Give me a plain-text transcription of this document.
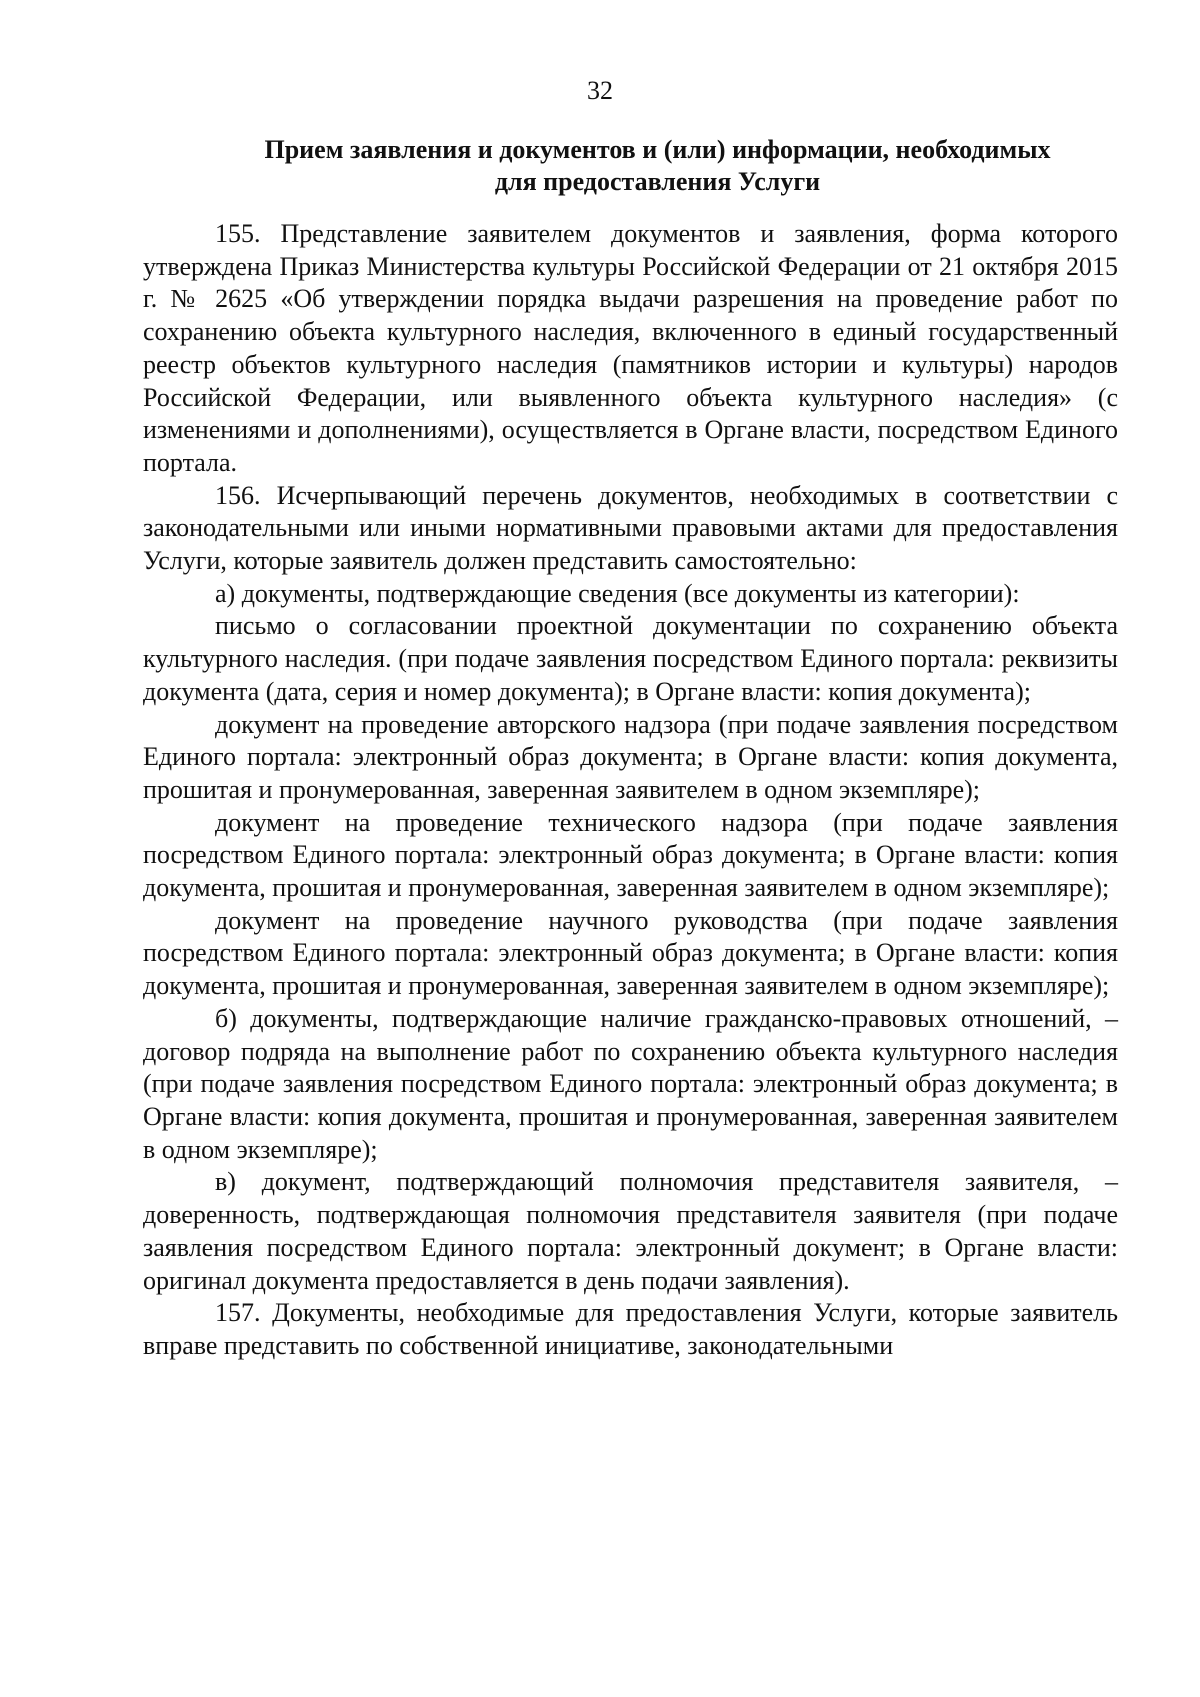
32
Прием заявления и документов и (или) информации, необходимых
для предоставления Услуги

155. Представление заявителем документов и заявления, форма которого утверждена Приказ Министерства культуры Российской Федерации от 21 октября 2015 г. № 2625 «Об утверждении порядка выдачи разрешения на проведение работ по сохранению объекта культурного наследия, включенного в единый государственный реестр объектов культурного наследия (памятников истории и культуры) народов Российской Федерации, или выявленного объекта культурного наследия» (с изменениями и дополнениями), осуществляется в Органе власти, посредством Единого портала.

156. Исчерпывающий перечень документов, необходимых в соответствии с законодательными или иными нормативными правовыми актами для предоставления Услуги, которые заявитель должен представить самостоятельно:

а) документы, подтверждающие сведения (все документы из категории):

письмо о согласовании проектной документации по сохранению объекта культурного наследия. (при подаче заявления посредством Единого портала: реквизиты документа (дата, серия и номер документа); в Органе власти: копия документа);

документ на проведение авторского надзора (при подаче заявления посредством Единого портала: электронный образ документа; в Органе власти: копия документа, прошитая и пронумерованная, заверенная заявителем в одном экземпляре);

документ на проведение технического надзора (при подаче заявления посредством Единого портала: электронный образ документа; в Органе власти: копия документа, прошитая и пронумерованная, заверенная заявителем в одном экземпляре);

документ на проведение научного руководства (при подаче заявления посредством Единого портала: электронный образ документа; в Органе власти: копия документа, прошитая и пронумерованная, заверенная заявителем в одном экземпляре);

б) документы, подтверждающие наличие гражданско-правовых отношений, – договор подряда на выполнение работ по сохранению объекта культурного наследия (при подаче заявления посредством Единого портала: электронный образ документа; в Органе власти: копия документа, прошитая и пронумерованная, заверенная заявителем в одном экземпляре);

в) документ, подтверждающий полномочия представителя заявителя, – доверенность, подтверждающая полномочия представителя заявителя (при подаче заявления посредством Единого портала: электронный документ; в Органе власти: оригинал документа предоставляется в день подачи заявления).

157. Документы, необходимые для предоставления Услуги, которые заявитель вправе представить по собственной инициативе, законодательными
